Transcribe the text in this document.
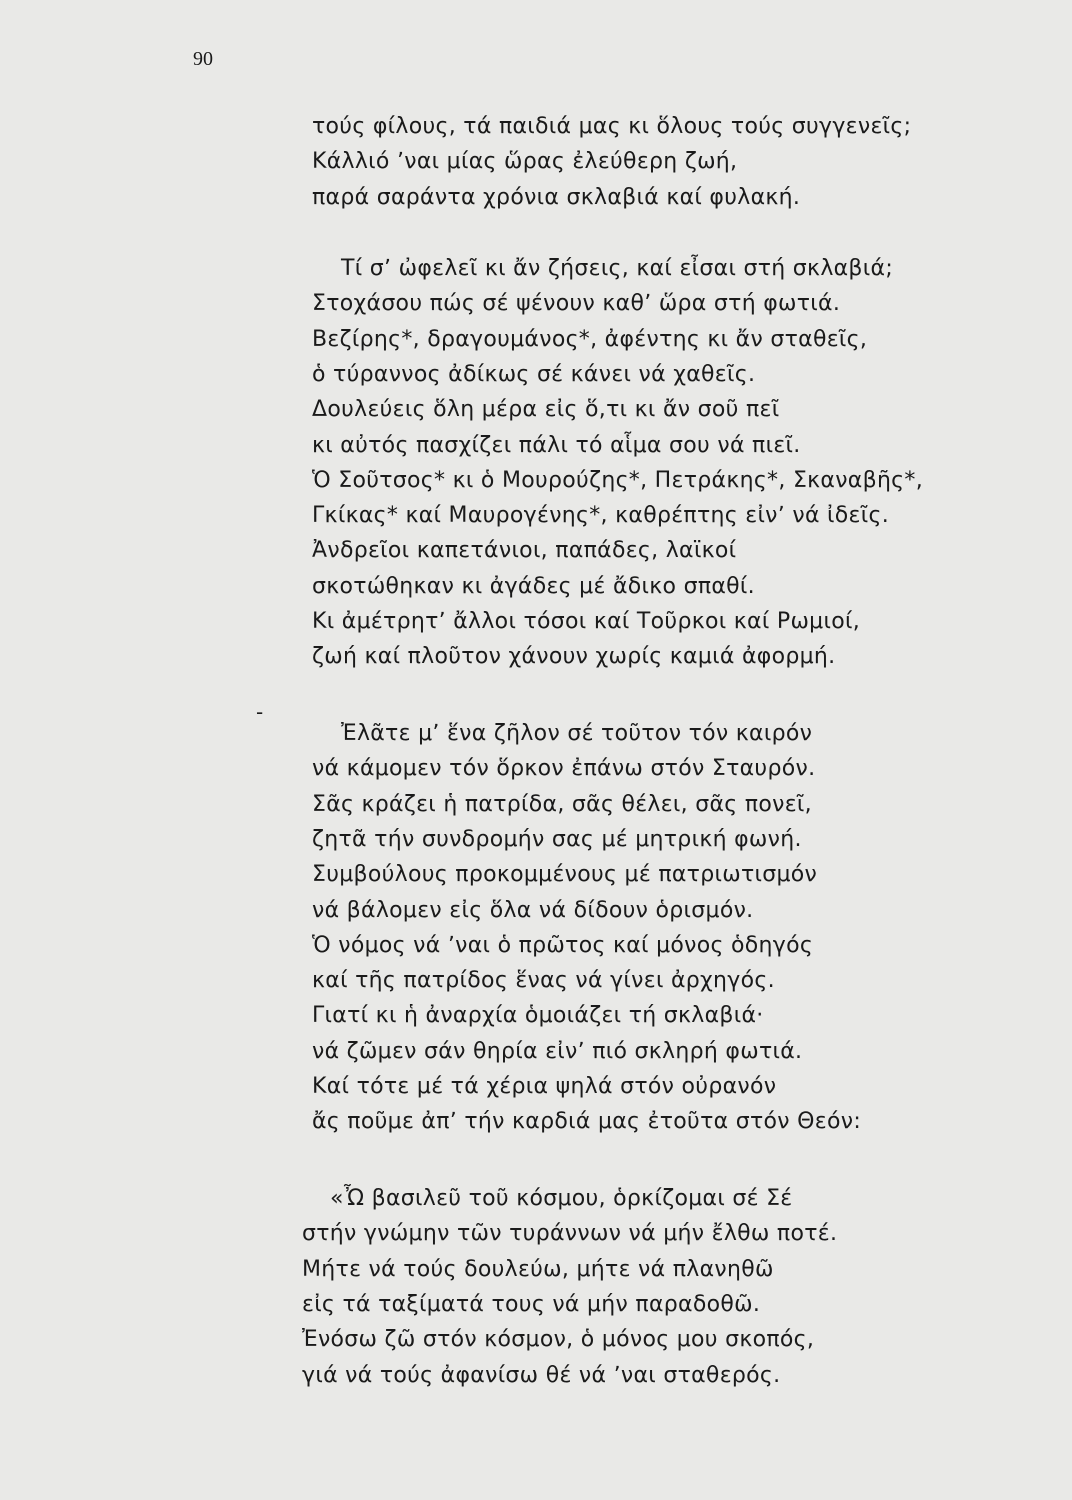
90
-
τούς φίλους, τά παιδιά μας κι ὅλους τούς συγγενεῖς;
Κάλλιό ʼναι μίας ὥρας ἐλεύθερη ζωή,
παρά σαράντα χρόνια σκλαβιά καί φυλακή.
Τί σʼ ὠφελεῖ κι ἄν ζήσεις, καί εἶσαι στή σκλαβιά;
Στοχάσου πώς σέ ψένουν καθʼ ὥρα στή φωτιά.
Βεζίρης*, δραγουμάνος*, ἀφέντης κι ἄν σταθεῖς,
ὁ τύραννος ἀδίκως σέ κάνει νά χαθεῖς.
Δουλεύεις ὅλη μέρα εἰς ὅ,τι κι ἄν σοῦ πεῖ
κι αὐτός πασχίζει πάλι τό αἷμα σου νά πιεῖ.
Ὁ Σοῦτσος* κι ὁ Μουρούζης*, Πετράκης*, Σκαναβῆς*,
Γκίκας* καί Μαυρογένης*, καθρέπτης εἰνʼ νά ἰδεῖς.
Ἀνδρεῖοι καπετάνιοι, παπάδες, λαϊκοί
σκοτώθηκαν κι ἀγάδες μέ ἄδικο σπαθί.
Κι ἀμέτρητʼ ἄλλοι τόσοι καί Τοῦρκοι καί Ρωμιοί,
ζωή καί πλοῦτον χάνουν χωρίς καμιά ἀφορμή.
Ἐλᾶτε μʼ ἕνα ζῆλον σέ τοῦτον τόν καιρόν
νά κάμομεν τόν ὅρκον ἐπάνω στόν Σταυρόν.
Σᾶς κράζει ἡ πατρίδα, σᾶς θέλει, σᾶς πονεῖ,
ζητᾶ τήν συνδρομήν σας μέ μητρική φωνή.
Συμβούλους προκομμένους μέ πατριωτισμόν
νά βάλομεν εἰς ὅλα νά δίδουν ὁρισμόν.
Ὁ νόμος νά ʼναι ὁ πρῶτος καί μόνος ὁδηγός
καί τῆς πατρίδος ἕνας νά γίνει ἀρχηγός.
Γιατί κι ἡ ἀναρχία ὁμοιάζει τή σκλαβιά·
νά ζῶμεν σάν θηρία εἰνʼ πιό σκληρή φωτιά.
Καί τότε μέ τά χέρια ψηλά στόν οὐρανόν
ἄς ποῦμε ἀπʼ τήν καρδιά μας ἐτοῦτα στόν Θεόν:
«Ὦ βασιλεῦ τοῦ κόσμου, ὁρκίζομαι σέ Σέ
στήν γνώμην τῶν τυράννων νά μήν ἔλθω ποτέ.
Μήτε νά τούς δουλεύω, μήτε νά πλανηθῶ
εἰς τά ταξίματά τους νά μήν παραδοθῶ.
Ἐνόσω ζῶ στόν κόσμον, ὁ μόνος μου σκοπός,
γιά νά τούς ἀφανίσω θέ νά ʼναι σταθερός.
